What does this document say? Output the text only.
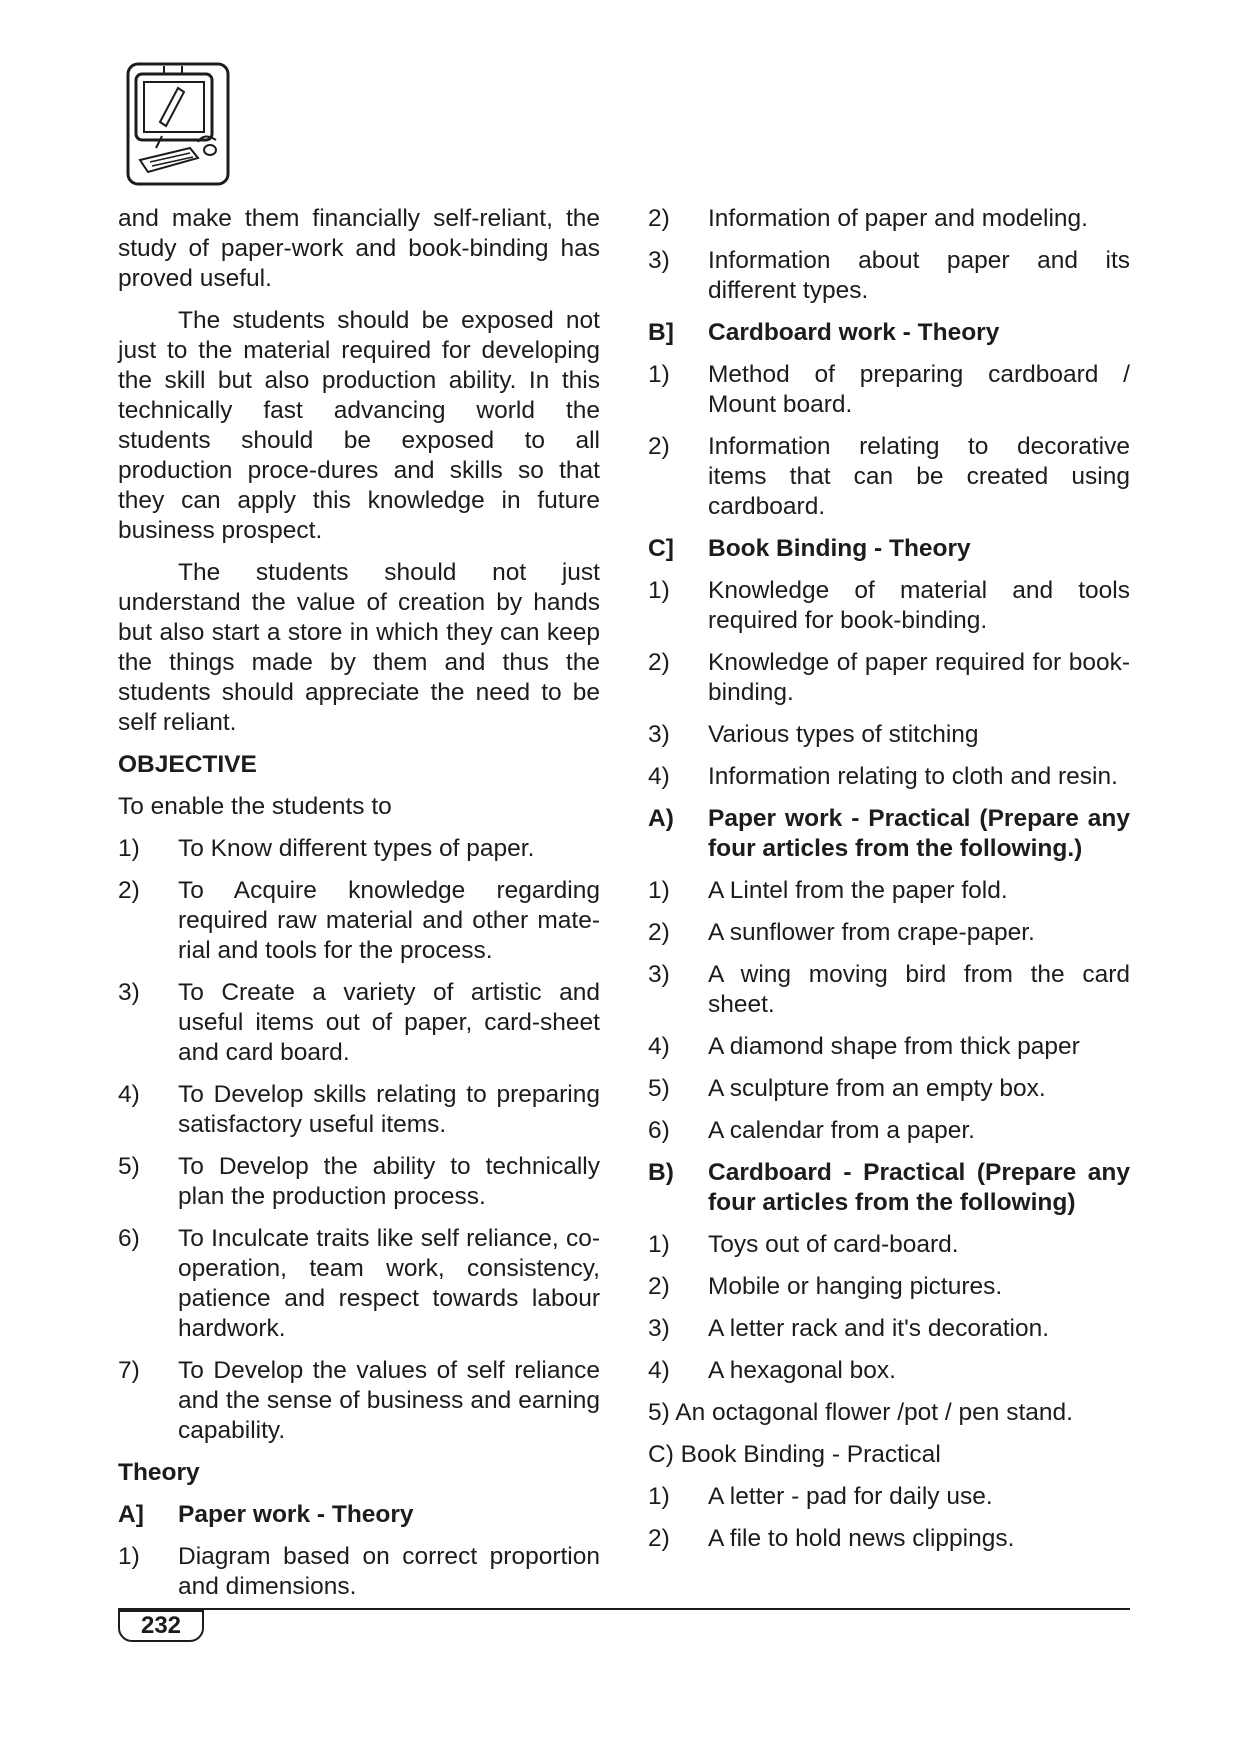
and make them financially self-reliant, the study of paper-work and book-binding has proved useful.

The students should be exposed not just to the material required for developing the skill but also production ability. In this technically fast advancing world the students should be exposed to all production proce-dures and skills so that they can apply this knowledge in future business prospect.

The students should not just understand the value of creation by hands but also start a store in which they can keep the things made by them and thus the students should appreciate the need to be self reliant.

OBJECTIVE
To enable the students to
1) To Know different types of paper.
2) To Acquire knowledge regarding required raw material and other mate-rial and tools for the process.
3) To Create a variety of artistic and useful items out of paper, card-sheet and card board.
4) To Develop skills relating to preparing satisfactory useful items.
5) To Develop the ability to technically plan the production process.
6) To Inculcate traits like self reliance, co-operation, team work, consistency, patience and respect towards labour hardwork.
7) To Develop the values of self reliance and the sense of business and earning capability.
Theory
A] Paper work - Theory
1) Diagram based on correct proportion and dimensions.
2) Information of paper and modeling.
3) Information about paper and its different types.
B] Cardboard work - Theory
1) Method of preparing cardboard / Mount board.
2) Information relating to decorative items that can be created using cardboard.
C] Book Binding - Theory
1) Knowledge of material and tools required for book-binding.
2) Knowledge of paper required for book-binding.
3) Various types of stitching
4) Information relating to cloth and resin.
A) Paper work - Practical (Prepare any four articles from the following.)
1) A Lintel from the paper fold.
2) A sunflower from crape-paper.
3) A wing moving bird from the card sheet.
4) A diamond shape from thick paper
5) A sculpture from an empty box.
6) A calendar from a paper.
B) Cardboard - Practical (Prepare any four articles from the following)
1) Toys out of card-board.
2) Mobile or hanging pictures.
3) A letter rack and it's decoration.
4) A hexagonal box.
5) An octagonal flower /pot / pen stand.
C) Book Binding - Practical
1) A letter - pad for daily use.
2) A file to hold news clippings.
232
